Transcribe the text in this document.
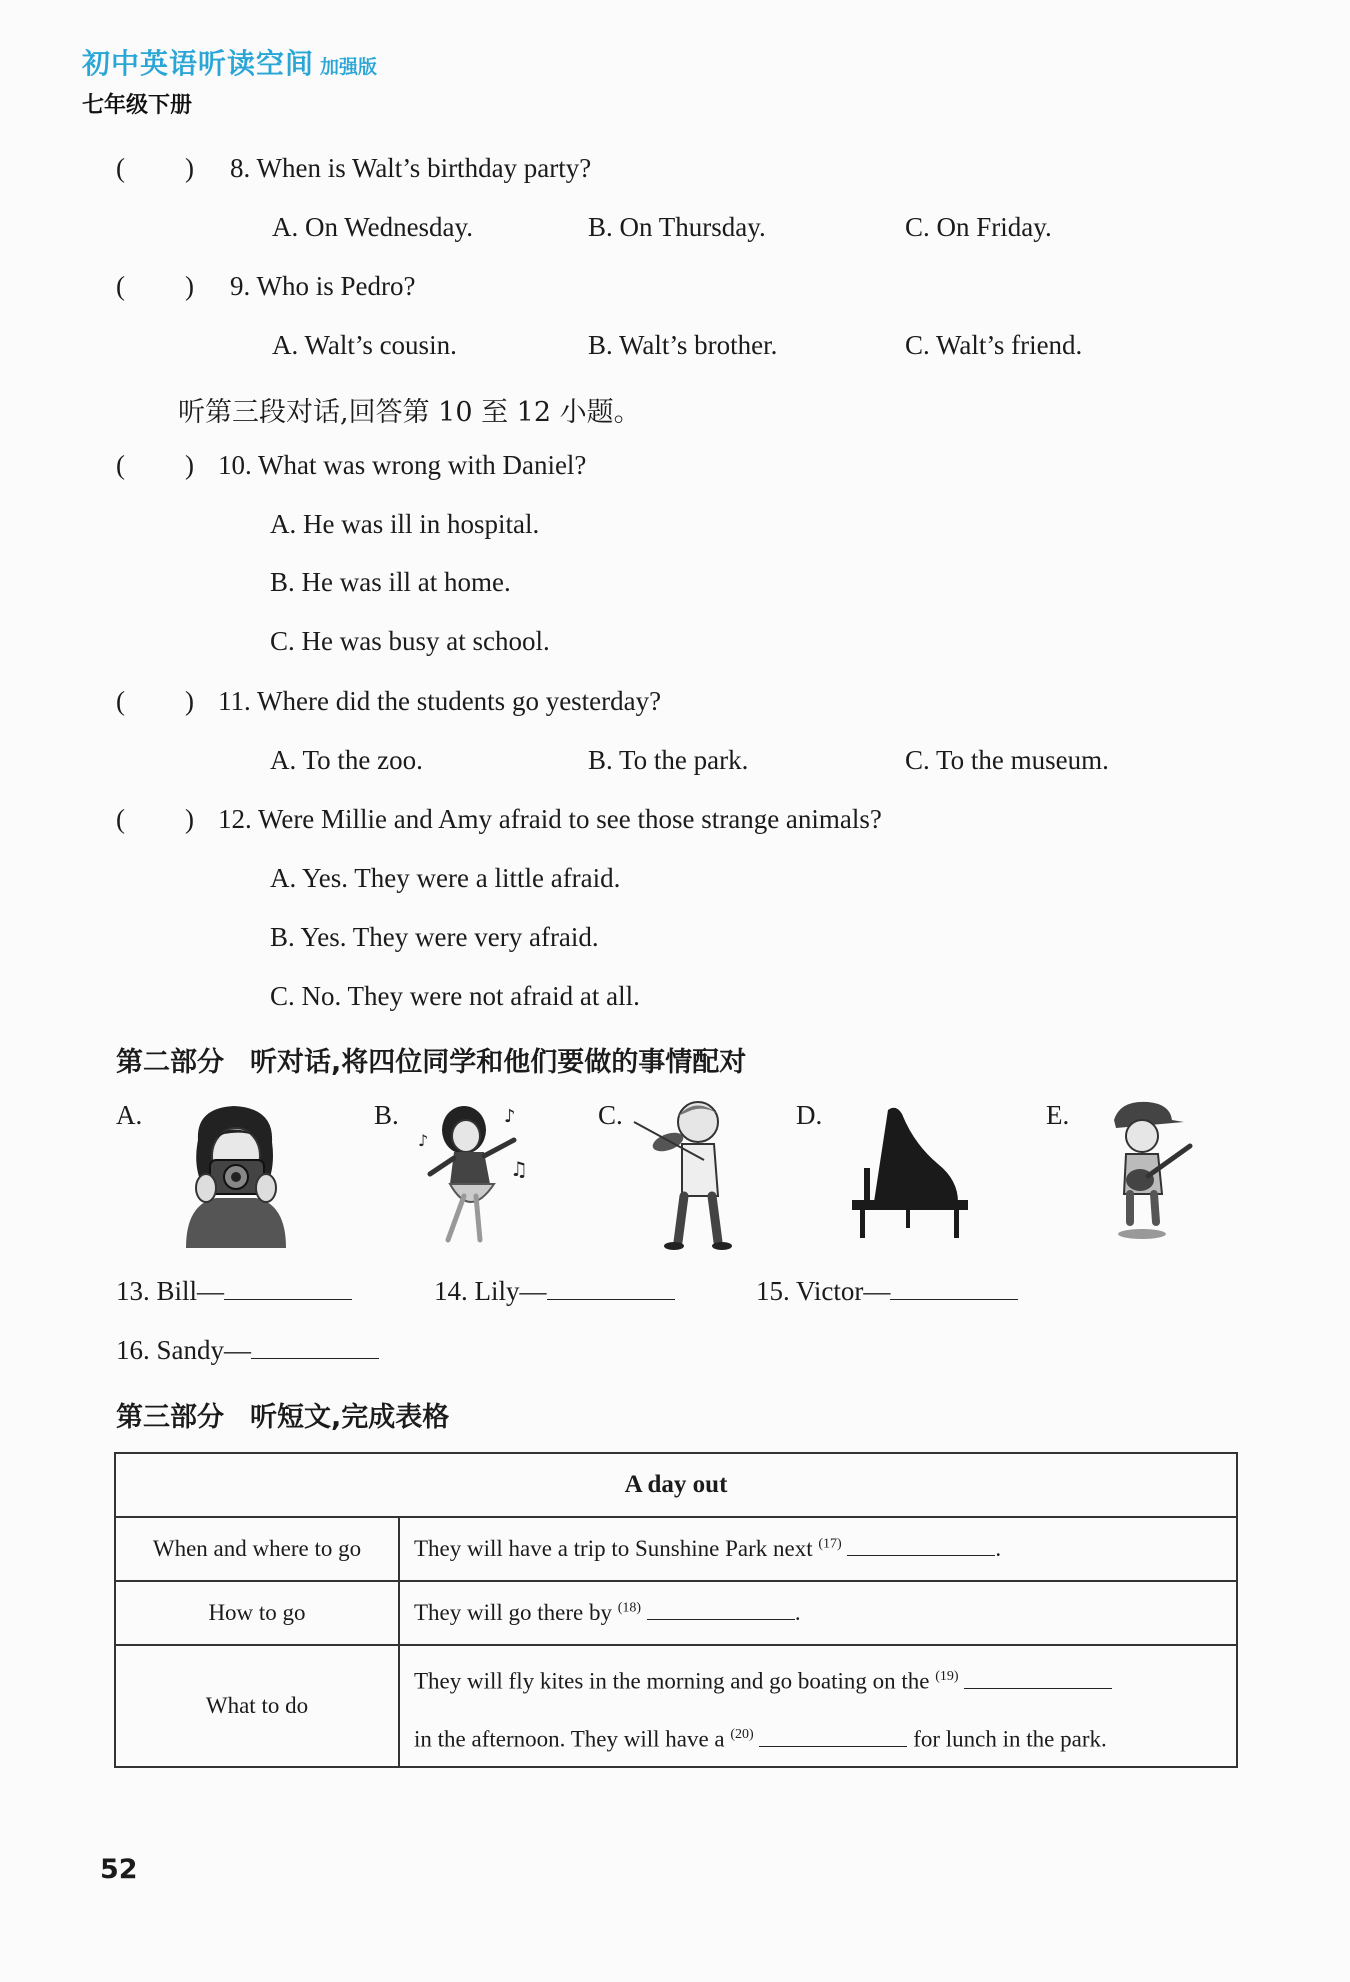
初中英语听读空间 加强版
七年级下册
( ) 8. When is Walt’s birthday party?
A. On Wednesday.	B. On Thursday.	C. On Friday.
( ) 9. Who is Pedro?
A. Walt’s cousin.	B. Walt’s brother.	C. Walt’s friend.
听第三段对话,回答第 10 至 12 小题。
( ) 10. What was wrong with Daniel?
A. He was ill in hospital.
B. He was ill at home.
C. He was busy at school.
( ) 11. Where did the students go yesterday?
A. To the zoo.	B. To the park.	C. To the museum.
( ) 12. Were Millie and Amy afraid to see those strange animals?
A. Yes. They were a little afraid.
B. Yes. They were very afraid.
C. No. They were not afraid at all.
第二部分 听对话,将四位同学和他们要做的事情配对
A.	B.	♪
♫
♪
C.	D.	E.
13. Bill—	14. Lily—	15. Victor—
16. Sandy—
第三部分 听短文,完成表格
A day out	
When and where to go	They will have a trip to Sunshine Park next $^{(17)}$ .
How to go	They will go there by $^{(18)}$ .
What to do	They will fly kites in the morning and go boating on the $^{(19)}$
in the afternoon. They will have a $^{(20)}$ for lunch in the park.
52
